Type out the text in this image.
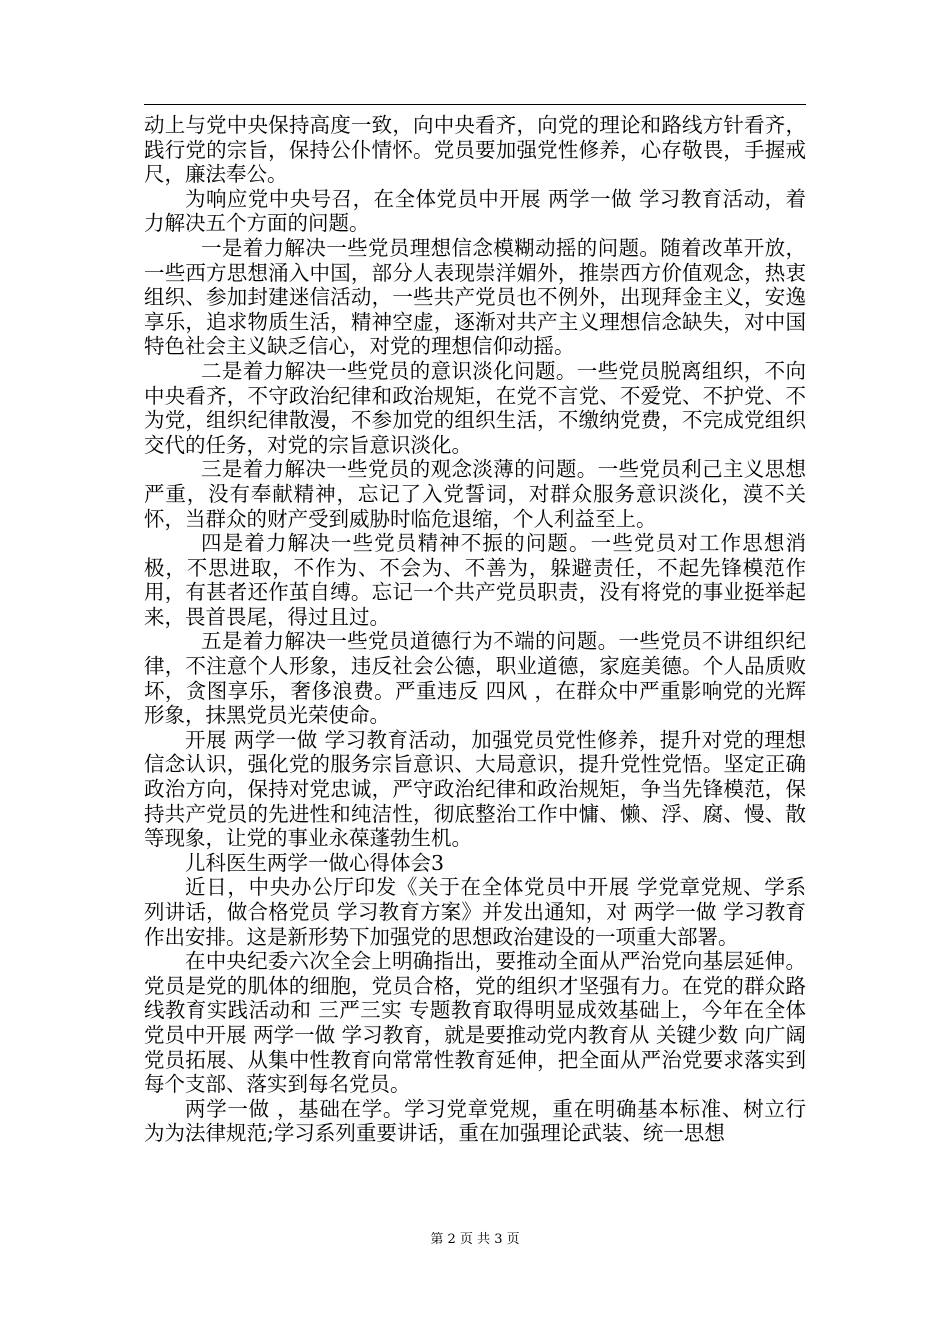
动上与党中央保持高度一致，向中央看齐，向党的理论和路线方针看齐，践行党的宗旨，保持公仆情怀。党员要加强党性修养，心存敬畏，手握戒尺，廉法奉公。

为响应党中央号召，在全体党员中开展 两学一做 学习教育活动，着力解决五个方面的问题。

一是着力解决一些党员理想信念模糊动摇的问题。随着改革开放，一些西方思想涌入中国，部分人表现崇洋媚外，推崇西方价值观念，热衷组织、参加封建迷信活动，一些共产党员也不例外，出现拜金主义，安逸享乐，追求物质生活，精神空虚，逐渐对共产主义理想信念缺失，对中国特色社会主义缺乏信心，对党的理想信仰动摇。

二是着力解决一些党员的意识淡化问题。一些党员脱离组织，不向中央看齐，不守政治纪律和政治规矩，在党不言党、不爱党、不护党、不为党，组织纪律散漫，不参加党的组织生活，不缴纳党费，不完成党组织交代的任务，对党的宗旨意识淡化。

三是着力解决一些党员的观念淡薄的问题。一些党员利己主义思想严重，没有奉献精神，忘记了入党誓词，对群众服务意识淡化，漠不关怀，当群众的财产受到威胁时临危退缩，个人利益至上。

四是着力解决一些党员精神不振的问题。一些党员对工作思想消极，不思进取，不作为、不会为、不善为，躲避责任，不起先锋模范作用，有甚者还作茧自缚。忘记一个共产党员职责，没有将党的事业挺举起来，畏首畏尾，得过且过。

五是着力解决一些党员道德行为不端的问题。一些党员不讲组织纪律，不注意个人形象，违反社会公德，职业道德，家庭美德。个人品质败坏，贪图享乐，奢侈浪费。严重违反 四风 ，在群众中严重影响党的光辉形象，抹黑党员光荣使命。

开展 两学一做 学习教育活动，加强党员党性修养，提升对党的理想信念认识，强化党的服务宗旨意识、大局意识，提升党性党悟。坚定正确政治方向，保持对党忠诚，严守政治纪律和政治规矩，争当先锋模范，保持共产党员的先进性和纯洁性，彻底整治工作中慵、懒、浮、腐、慢、散 等现象，让党的事业永葆蓬勃生机。

儿科医生两学一做心得体会3

近日，中央办公厅印发《关于在全体党员中开展 学党章党规、学系列讲话，做合格党员 学习教育方案》并发出通知，对 两学一做 学习教育作出安排。这是新形势下加强党的思想政治建设的一项重大部署。

在中央纪委六次全会上明确指出，要推动全面从严治党向基层延伸。党员是党的肌体的细胞，党员合格，党的组织才坚强有力。在党的群众路线教育实践活动和 三严三实 专题教育取得明显成效基础上，今年在全体党员中开展 两学一做 学习教育，就是要推动党内教育从 关键少数 向广阔党员拓展、从集中性教育向常常性教育延伸，把全面从严治党要求落实到每个支部、落实到每名党员。

两学一做 ，基础在学。学习党章党规，重在明确基本标准、树立行为为法律规范;学习系列重要讲话，重在加强理论武装、统一思想

第 2 页 共 3 页
